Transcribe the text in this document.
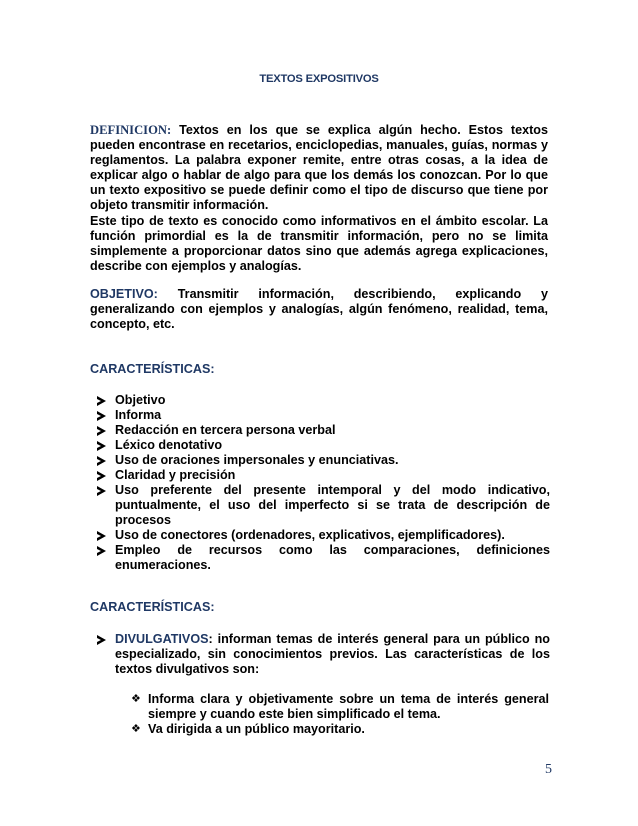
TEXTOS EXPOSITIVOS
DEFINICION: Textos en los que se explica algún hecho. Estos textos pueden encontrase en recetarios, enciclopedias, manuales, guías, normas y reglamentos. La palabra exponer remite, entre otras cosas, a la idea de explicar algo o hablar de algo para que los demás los conozcan. Por lo que un texto expositivo se puede definir como el tipo de discurso que tiene por objeto transmitir información.
Este tipo de texto es conocido como informativos en el ámbito escolar. La función primordial es la de transmitir información, pero no se limita simplemente a proporcionar datos sino que además agrega explicaciones, describe con ejemplos y analogías.
OBJETIVO: Transmitir información, describiendo, explicando y generalizando con ejemplos y analogías, algún fenómeno, realidad, tema, concepto, etc.
CARACTERÍSTICAS:
Objetivo
Informa
Redacción en tercera persona verbal
Léxico denotativo
Uso de oraciones impersonales y enunciativas.
Claridad y precisión
Uso preferente del presente intemporal y del modo indicativo, puntualmente, el uso del imperfecto si se trata de descripción de procesos
Uso de conectores (ordenadores, explicativos, ejemplificadores).
Empleo de recursos como las comparaciones, definiciones enumeraciones.
CARACTERÍSTICAS:
DIVULGATIVOS: informan temas de interés general para un público no especializado, sin conocimientos previos. Las características de los textos divulgativos son:
❖ Informa clara y objetivamente sobre un tema de interés general siempre y cuando este bien simplificado el tema.
❖ Va dirigida a un público mayoritario.
5
